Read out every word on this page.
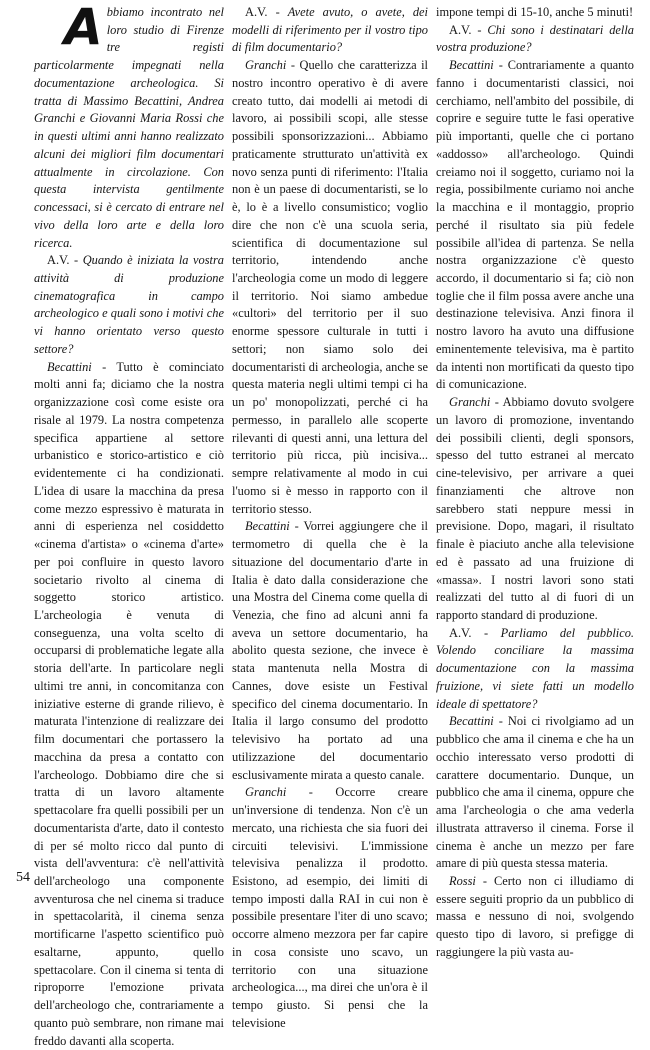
Abbiamo incontrato nel loro studio di Firenze tre registi particolarmente impegnati nella documentazione archeologica. Si tratta di Massimo Becattini, Andrea Granchi e Giovanni Maria Rossi che in questi ultimi anni hanno realizzato alcuni dei migliori film documentari attualmente in circolazione. Con questa intervista gentilmente concessaci, si è cercato di entrare nel vivo della loro arte e della loro ricerca.

A.V. - Quando è iniziata la vostra attività di produzione cinematografica in campo archeologico e quali sono i motivi che vi hanno orientato verso questo settore?

Becattini - Tutto è cominciato molti anni fa; diciamo che la nostra organizzazione così come esiste ora risale al 1979. La nostra competenza specifica appartiene al settore urbanistico e storico-artistico e ciò evidentemente ci ha condizionati. L'idea di usare la macchina da presa come mezzo espressivo è maturata in anni di esperienza nel cosiddetto «cinema d'artista» o «cinema d'arte» per poi confluire in questo lavoro societario rivolto al cinema di soggetto storico artistico. L'archeologia è venuta di conseguenza, una volta scelto di occuparsi di problematiche legate alla storia dell'arte. In particolare negli ultimi tre anni, in concomitanza con iniziative esterne di grande rilievo, è maturata l'intenzione di realizzare dei film documentari che portassero la macchina da presa a contatto con l'archeologo. Dobbiamo dire che si tratta di un lavoro altamente spettacolare fra quelli possibili per un documentarista d'arte, dato il contesto di per sé molto ricco dal punto di vista dell'avventura: c'è nell'attività dell'archeologo una componente avventurosa che nel cinema si traduce in spettacolarità, il cinema senza mortificarne l'aspetto scientifico può esaltarne, appunto, quello spettacolare. Con il cinema si tenta di riproporre l'emozione privata dell'archeologo che, contrariamente a quanto può sembrare, non rimane mai freddo davanti alla scoperta.

A.V. - Avete avuto, o avete, dei modelli di riferimento per il vostro tipo di film documentario?

Granchi - Quello che caratterizza il nostro incontro operativo è di avere creato tutto, dai modelli ai metodi di lavoro, ai possibili scopi, alle stesse possibili sponsorizzazioni... Abbiamo praticamente strutturato un'attività ex novo senza punti di riferimento: l'Italia non è un paese di documentaristi, se lo è, lo è a livello consumistico; voglio dire che non c'è una scuola seria, scientifica di documentazione sul territorio, intendendo anche l'archeologia come un modo di leggere il territorio. Noi siamo ambedue «cultori» del territorio per il suo enorme spessore culturale in tutti i settori; non siamo solo dei documentaristi di archeologia, anche se questa materia negli ultimi tempi ci ha un po' monopolizzati, perché ci ha permesso, in parallelo alle scoperte rilevanti di questi anni, una lettura del territorio più ricca, più incisiva... sempre relativamente al modo in cui l'uomo si è messo in rapporto con il territorio stesso.

Becattini - Vorrei aggiungere che il termometro di quella che è la situazione del documentario d'arte in Italia è dato dalla considerazione che una Mostra del Cinema come quella di Venezia, che fino ad alcuni anni fa aveva un settore documentario, ha abolito questa sezione, che invece è stata mantenuta nella Mostra di Cannes, dove esiste un Festival specifico del cinema documentario. In Italia il largo consumo del prodotto televisivo ha portato ad una utilizzazione del documentario esclusivamente mirata a questo canale.

Granchi - Occorre creare un'inversione di tendenza. Non c'è un mercato, una richiesta che sia fuori dei circuiti televisivi. L'immissione televisiva penalizza il prodotto. Esistono, ad esempio, dei limiti di tempo imposti dalla RAI in cui non è possibile presentare l'iter di uno scavo; occorre almeno mezzora per far capire in cosa consiste uno scavo, un territorio con una situazione archeologica..., ma direi che un'ora è il tempo giusto. Si pensi che la televisione

impone tempi di 15-10, anche 5 minuti!

A.V. - Chi sono i destinatari della vostra produzione?

Becattini - Contrariamente a quanto fanno i documentaristi classici, noi cerchiamo, nell'ambito del possibile, di coprire e seguire tutte le fasi operative più importanti, quelle che ci portano «addosso» all'archeologo. Quindi creiamo noi il soggetto, curiamo noi la regia, possibilmente curiamo noi anche la macchina e il montaggio, proprio perché il risultato sia più fedele possibile all'idea di partenza. Se nella nostra organizzazione c'è questo accordo, il documentario si fa; ciò non toglie che il film possa avere anche una destinazione televisiva. Anzi finora il nostro lavoro ha avuto una diffusione eminentemente televisiva, ma è partito da intenti non mortificati da questo tipo di comunicazione.

Granchi - Abbiamo dovuto svolgere un lavoro di promozione, inventando dei possibili clienti, degli sponsors, spesso del tutto estranei al mercato cine-televisivo, per arrivare a quei finanziamenti che altrove non sarebbero stati neppure messi in previsione. Dopo, magari, il risultato finale è piaciuto anche alla televisione ed è passato ad una fruizione di «massa». I nostri lavori sono stati realizzati del tutto al di fuori di un rapporto standard di produzione.

A.V. - Parliamo del pubblico. Volendo conciliare la massima documentazione con la massima fruizione, vi siete fatti un modello ideale di spettatore?

Becattini - Noi ci rivolgiamo ad un pubblico che ama il cinema e che ha un occhio interessato verso prodotti di carattere documentario. Dunque, un pubblico che ama il cinema, oppure che ama l'archeologia o che ama vederla illustrata attraverso il cinema. Forse il cinema è anche un mezzo per fare amare di più questa stessa materia.

Rossi - Certo non ci illudiamo di essere seguiti proprio da un pubblico di massa e nessuno di noi, svolgendo questo tipo di lavoro, si prefigge di raggiungere la più vasta au-

54
